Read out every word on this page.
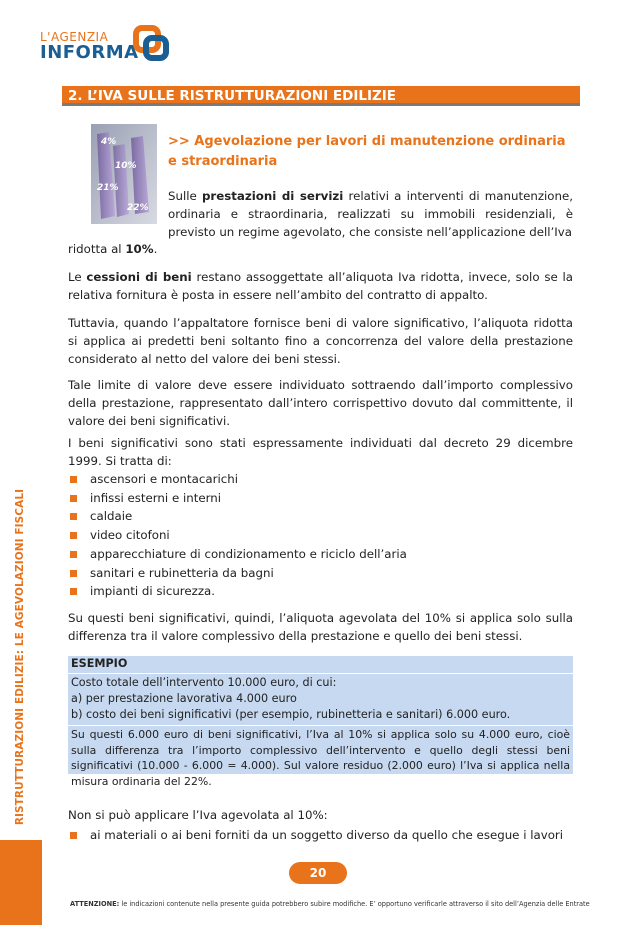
L'AGENZIA
INFORMA
RISTRUTTURAZIONI EDILIZIE: LE AGEVOLAZIONI FISCALI
2. L’IVA SULLE RISTRUTTURAZIONI EDILIZIE
4%
10%
21%
22%
>> Agevolazione per lavori di manutenzione ordinaria e straordinaria
Sulle prestazioni di servizi relativi a interventi di manutenzione, ordinaria e straordinaria, realizzati su immobili residenziali, è previsto un regime agevolato, che consiste nell’applicazione dell’Iva
ridotta al 10%.
Le cessioni di beni restano assoggettate all’aliquota Iva ridotta, invece, solo se la relativa fornitura è posta in essere nell’ambito del contratto di appalto.
Tuttavia, quando l’appaltatore fornisce beni di valore significativo, l’aliquota ridotta si applica ai predetti beni soltanto fino a concorrenza del valore della prestazione considerato al netto del valore dei beni stessi.
Tale limite di valore deve essere individuato sottraendo dall’importo complessivo della prestazione, rappresentato dall’intero corrispettivo dovuto dal committente, il valore dei beni significativi.
I beni significativi sono stati espressamente individuati dal decreto 29 dicembre 1999. Si tratta di:
ascensori e montacarichi
infissi esterni e interni
caldaie
video citofoni
apparecchiature di condizionamento e riciclo dell’aria
sanitari e rubinetteria da bagni
impianti di sicurezza.
Su questi beni significativi, quindi, l’aliquota agevolata del 10% si applica solo sulla differenza tra il valore complessivo della prestazione e quello dei beni stessi.
ESEMPIO
Costo totale dell’intervento 10.000 euro, di cui:
a) per prestazione lavorativa 4.000 euro
b) costo dei beni significativi (per esempio, rubinetteria e sanitari) 6.000 euro.
Su questi 6.000 euro di beni significativi, l’Iva al 10% si applica solo su 4.000 euro, cioè sulla differenza tra l’importo complessivo dell’intervento e quello degli stessi beni significativi (10.000 - 6.000 = 4.000). Sul valore residuo (2.000 euro) l’Iva si applica nella misura ordinaria del 22%.
Non si può applicare l’Iva agevolata al 10%:
ai materiali o ai beni forniti da un soggetto diverso da quello che esegue i lavori
20
ATTENZIONE: le indicazioni contenute nella presente guida potrebbero subire modifiche. E’ opportuno verificarle attraverso il sito dell’Agenzia delle Entrate
